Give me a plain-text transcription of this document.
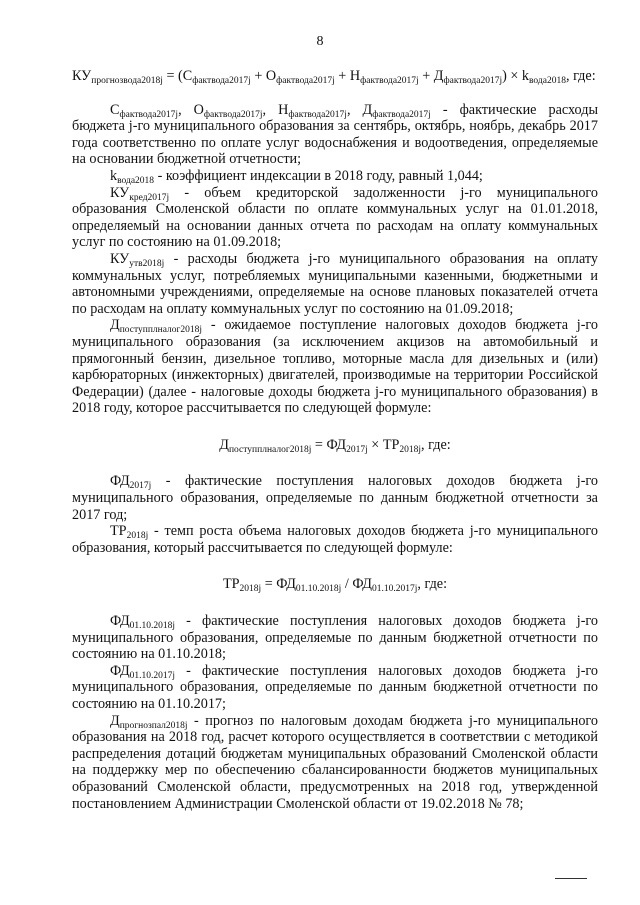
8
$КУ_{прогнозвода2018j} = (С_{фактвода2017j} + О_{фактвода2017j} + Н_{фактвода2017j} + Д_{фактвода2017j}) \times k_{вода2018}$, где:

$С_{фактвода2017j}$, $О_{фактвода2017j}$, $Н_{фактвода2017j}$, $Д_{фактвода2017j}$ - фактические расходы бюджета j-го муниципального образования за сентябрь, октябрь, ноябрь, декабрь 2017 года соответственно по оплате услуг водоснабжения и водоотведения, определяемые на основании бюджетной отчетности;

$k_{вода2018}$ - коэффициент индексации в 2018 году, равный 1,044;

$КУ_{кред2017j}$ - объем кредиторской задолженности j-го муниципального образования Смоленской области по оплате коммунальных услуг на 01.01.2018, определяемый на основании данных отчета по расходам на оплату коммунальных услуг по состоянию на 01.09.2018;

$КУ_{утв2018j}$ - расходы бюджета j-го муниципального образования на оплату коммунальных услуг, потребляемых муниципальными казенными, бюджетными и автономными учреждениями, определяемые на основе плановых показателей отчета по расходам на оплату коммунальных услуг по состоянию на 01.09.2018;

$Д_{поступплналог2018j}$ - ожидаемое поступление налоговых доходов бюджета j-го муниципального образования (за исключением акцизов на автомобильный и прямогонный бензин, дизельное топливо, моторные масла для дизельных и (или) карбюраторных (инжекторных) двигателей, производимые на территории Российской Федерации) (далее - налоговые доходы бюджета j-го муниципального образования) в 2018 году, которое рассчитывается по следующей формуле:

$Д_{поступплналог2018j} = ФД_{2017j} \times ТР_{2018j}$, где:

$ФД_{2017j}$ - фактические поступления налоговых доходов бюджета j-го муниципального образования, определяемые по данным бюджетной отчетности за 2017 год;

$ТР_{2018j}$ - темп роста объема налоговых доходов бюджета j-го муниципального образования, который рассчитывается по следующей формуле:

$ТР_{2018j} = ФД_{01.10.2018j} / ФД_{01.10.2017j}$, где:

$ФД_{01.10.2018j}$ - фактические поступления налоговых доходов бюджета j-го муниципального образования, определяемые по данным бюджетной отчетности по состоянию на 01.10.2018;

$ФД_{01.10.2017j}$ - фактические поступления налоговых доходов бюджета j-го муниципального образования, определяемые по данным бюджетной отчетности по состоянию на 01.10.2017;

$Д_{прогнозпал2018j}$ - прогноз по налоговым доходам бюджета j-го муниципального образования на 2018 год, расчет которого осуществляется в соответствии с методикой распределения дотаций бюджетам муниципальных образований Смоленской области на поддержку мер по обеспечению сбалансированности бюджетов муниципальных образований Смоленской области, предусмотренных на 2018 год, утвержденной постановлением Администрации Смоленской области от 19.02.2018 № 78;
